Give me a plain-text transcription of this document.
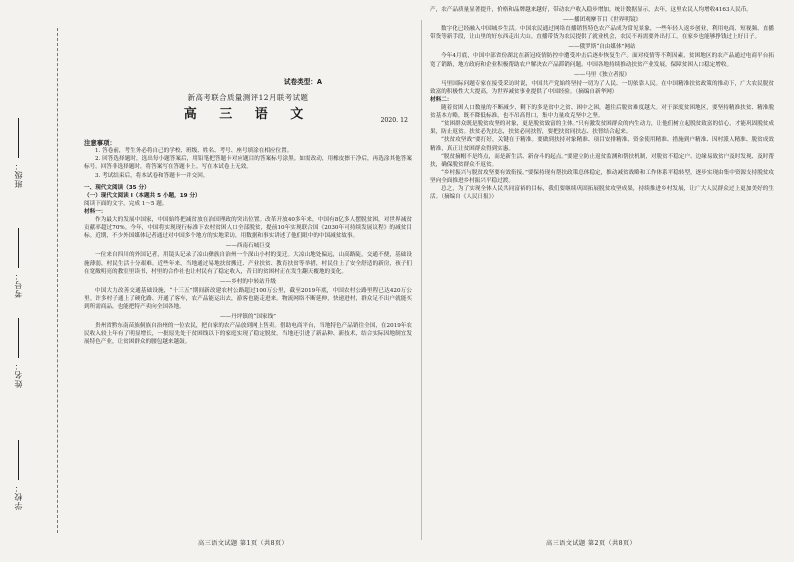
班级：
考号：
姓名：
学校：

试卷类型：A

新高考联合质量测评12月联考试题

高 三 语 文	2020. 12

注意事项：

1. 答卷前，考生务必将自己的学校、班级、姓名、考号、座号填涂在相应位置。

2. 回答选择题时，选出每小题答案后，用铅笔把答题卡对应题目的答案标号涂黑。如需改动，用橡皮擦干净后，再选涂其他答案标号。回答非选择题时，将答案写在答题卡上。写在本试卷上无效。

3. 考试结束后，将本试卷和答题卡一并交回。

一、现代文阅读（35 分）

（一）现代文阅读 I（本题共 5 小题，19 分）

阅读下面的文字，完成 1～5 题。

材料一：

作为最大的发展中国家，中国始终把减贫放在治国理政的突出位置。改革开放40多年来，中国有8亿多人摆脱贫困，对世界减贫贡献率超过70%。今年，中国将实现现行标准下农村贫困人口全部脱贫，提前10年实现联合国《2030年可持续发展议程》的减贫目标。近期，不少外国媒体记者通过对中国多个地方的实地采访，用数据和事实讲述了他们眼中的中国减贫故事。

——西南石城巨变

一位来自四川的外国记者，用镜头记录了凉山彝族自治州一个深山小村的变迁。大凉山地处偏远，山高路陡，交通不便，基础设施薄弱，村民生活十分艰难。近些年来，当地通过易地扶贫搬迁、产业扶贫、教育扶贫等举措，村民住上了安全舒适的新房，孩子们在宽敞明亮的教室里读书，村里的合作社也让村民有了稳定收入，昔日的贫困村正在发生翻天覆地的变化。

——乡村的中转站升级

中国大力改善交通基础设施，“十三五”期间新改建农村公路超过100万公里，截至2019年底，中国农村公路里程已达420万公里。许多村子通上了硬化路、开通了客车，农产品能运出去，游客也能走进来。物流网络不断延伸，快递进村，群众足不出户就能买到所需商品，也能把特产卖向全国各地。

——丹坪镇的“国家线”

贵州省黔东南苗族侗族自治州的一位农民，把自家的农产品放到网上售卖。借助电商平台，当地特色产品销往全国，在2019年农民收入较上年有了明显增长，一批原先处于贫困线以下的家庭实现了稳定脱贫。当地还引进了新品种、新技术，结合实际因地制宜发展特色产业，让贫困群众的腰包越来越鼓。

产，农产品质量显著提升，价格和品牌越来越好，带动农户收入稳步增加，统计数据显示，去年，这里农民人均增收4163人民币。

——播团观摩节目《世界明镜》

数字化已经融入中国城乡生活。中国农民通过网络直播销售特色农产品成为常见景象，一些年轻人返乡创业，利用电商、短视频、直播带货等新手段，让山里的好东西走出大山。直播带货为农民提供了就业机会，农民不再需要外出打工，在家乡也能够挣钱过上好日子。

——俄罗斯“自由媒体”网站

今年4月底，中国中部省份湖北在新冠疫情防控中遭受冲击后逐步恢复生产。面对疫情等不利因素，贫困地区的农产品通过电商平台拓宽了销路，地方政府和企业积极帮助农户解决农产品滞销问题。中国各地持续推动扶贫产业发展，保障贫困人口稳定增收。

——马里《独立者报》

马里国际问题专家在接受采访时说，中国共产党始终坚持一切为了人民、一切依靠人民。在中国精准扶贫政策的推动下，广大农民脱贫致富的积极性大大提高，为世界减贫事业提供了中国经验。（摘编自新华网）

材料二：

随着贫困人口数量的不断减少，剩下的多是贫中之贫、困中之困，越往后脱贫难度越大。对于深度贫困地区，要坚持精准扶贫、精准脱贫基本方略，既不降低标准，也不吊高胃口，集中力量攻克坚中之坚。

“贫困群众既是脱贫攻坚的对象，更是脱贫致富的主体。”只有激发贫困群众的内生动力，让他们树立起脱贫致富的信心，才能巩固脱贫成果，防止返贫。扶贫必先扶志，扶贫必同扶智，要把扶贫同扶志、扶智结合起来。

“扶贫攻坚战”要打好，关键在于精准。要做到扶持对象精准、项目安排精准、资金使用精准、措施到户精准、因村派人精准、脱贫成效精准，真正让贫困群众得到实惠。

“脱贫摘帽不是终点，而是新生活、新奋斗的起点。”要建立防止返贫监测和帮扶机制，对脱贫不稳定户、边缘易致贫户及时发现、及时帮扶，确保脱贫群众不返贫。

“乡村振兴与脱贫攻坚要有效衔接。”要保持现有帮扶政策总体稳定，推动减贫战略和工作体系平稳转型，逐步实现由集中资源支持脱贫攻坚向全面推进乡村振兴平稳过渡。

总之，为了实现全体人民共同富裕的目标，我们要继续巩固拓展脱贫攻坚成果，持续推进乡村发展，让广大人民群众过上更加美好的生活。（摘编自《人民日报》）

高三语文试题 第1页（共8页）	高三语文试题 第2页（共8页）
